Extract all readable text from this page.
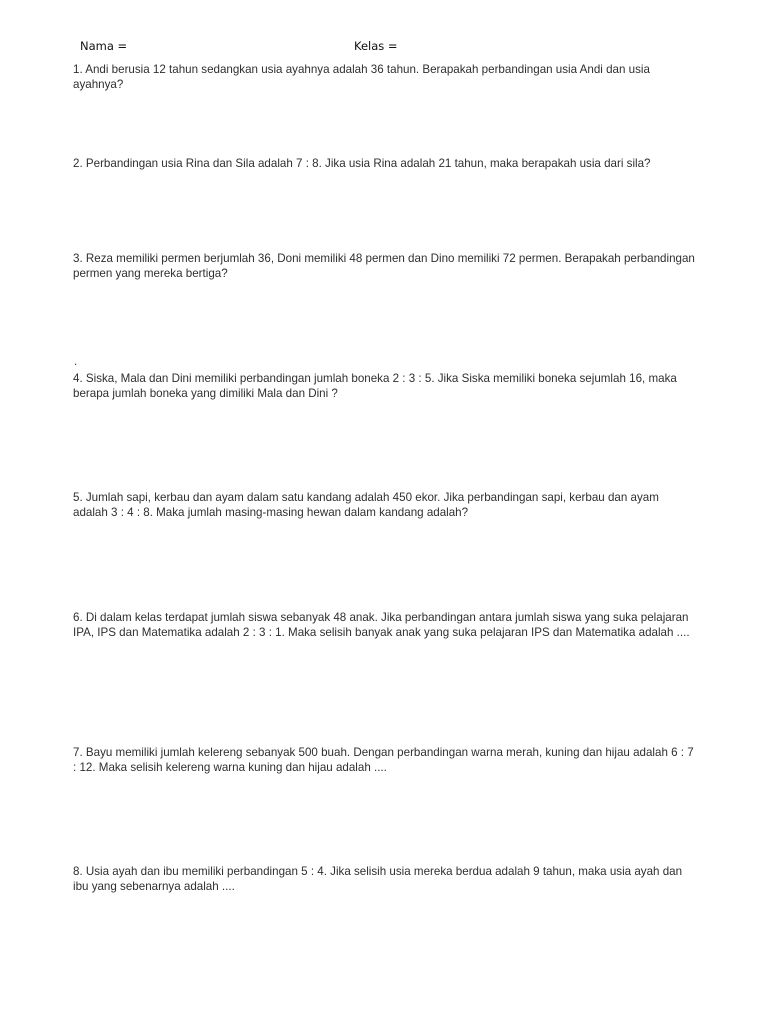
Nama =	Kelas =

1. Andi berusia 12 tahun sedangkan usia ayahnya adalah 36 tahun. Berapakah perbandingan usia Andi dan usia ayahnya?

2. Perbandingan usia Rina dan Sila adalah 7 : 8. Jika usia Rina adalah 21 tahun, maka berapakah usia dari sila?

3. Reza memiliki permen berjumlah 36, Doni memiliki 48 permen dan Dino memiliki 72 permen. Berapakah perbandingan permen yang mereka bertiga?

.

4. Siska, Mala dan Dini memiliki perbandingan jumlah boneka 2 : 3 : 5. Jika Siska memiliki boneka sejumlah 16, maka berapa jumlah boneka yang dimiliki Mala dan Dini ?

5. Jumlah sapi, kerbau dan ayam dalam satu kandang adalah 450 ekor. Jika perbandingan sapi, kerbau dan ayam adalah 3 : 4 : 8. Maka jumlah masing-masing hewan dalam kandang adalah?

6. Di dalam kelas terdapat jumlah siswa sebanyak 48 anak. Jika perbandingan antara jumlah siswa yang suka pelajaran IPA, IPS dan Matematika adalah 2 : 3 : 1. Maka selisih banyak anak yang suka pelajaran IPS dan Matematika adalah ....

7. Bayu memiliki jumlah kelereng sebanyak 500 buah. Dengan perbandingan warna merah, kuning dan hijau adalah 6 : 7 : 12. Maka selisih kelereng warna kuning dan hijau adalah ....

8. Usia ayah dan ibu memiliki perbandingan 5 : 4. Jika selisih usia mereka berdua adalah 9 tahun, maka usia ayah dan ibu yang sebenarnya adalah ....
